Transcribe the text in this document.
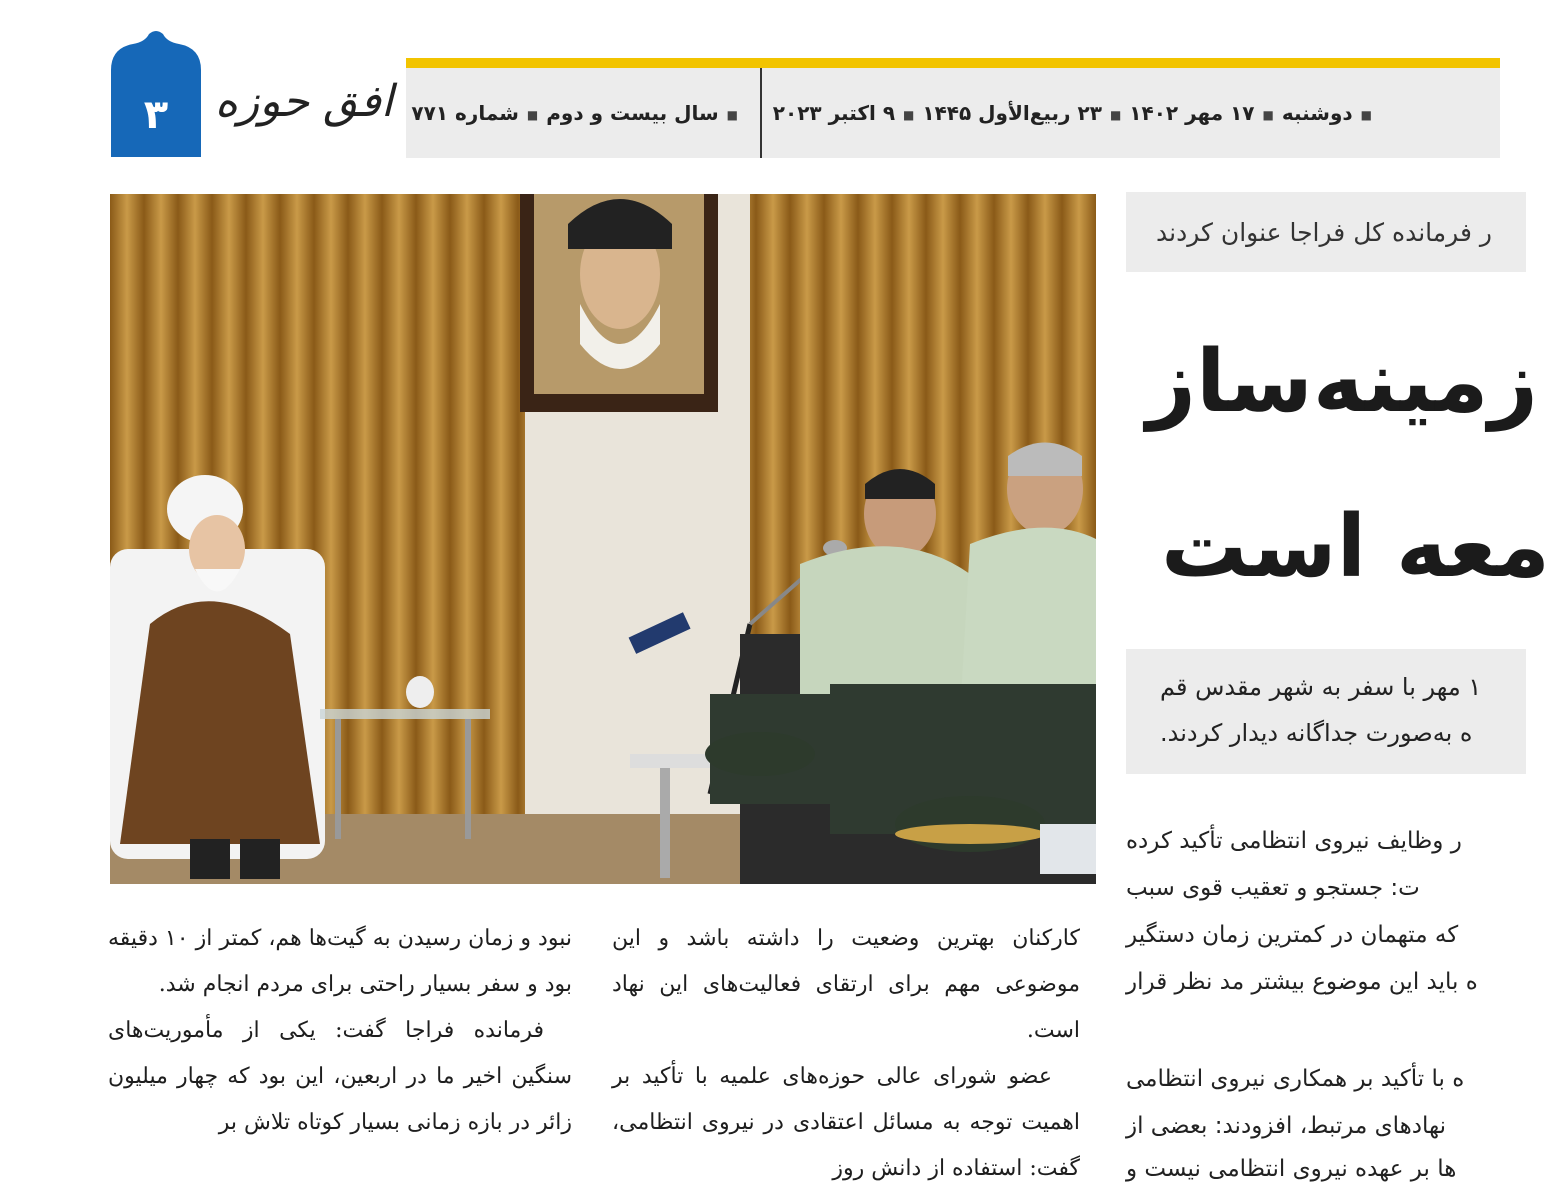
۳	افق حوزه	■سال بیست و دوم■شماره ۷۷۱	■دوشنبه■۱۷ مهر ۱۴۰۲■۲۳ ربیع‌الأول ۱۴۴۵■۹ اکتبر ۲۰۲۳
ر فرمانده کل فراجا عنوان کردند
زمینه‌ساز
معه است

۱ مهر با سفر به شهر مقدس قم

ه به‌صورت جداگانه دیدار کردند.

ر وظایف نیروی انتظامی تأکید کرده

ت: جستجو و تعقیب قوی سبب

که متهمان در کمترین زمان دستگیر

ه باید این موضوع بیشتر مد نظر قرار

ه با تأکید بر همکاری نیروی انتظامی

نهادهای مرتبط، افزودند: بعضی از

ها بر عهده نیروی انتظامی نیست و

کارکنان بهترین وضعیت را داشته باشد و این موضوعی مهم برای ارتقای فعالیت‌های این نهاد است.

عضو شورای عالی حوزه‌های علمیه با تأکید بر اهمیت توجه به مسائل اعتقادی در نیروی انتظامی، گفت: استفاده از دانش روز

نبود و زمان رسیدن به گیت‌ها هم، کمتر از ۱۰ دقیقه بود و سفر بسیار راحتی برای مردم انجام شد.

فرمانده فراجا گفت: یکی از مأموریت‌های سنگین اخیر ما در اربعین، این بود که چهار میلیون زائر در بازه زمانی بسیار کوتاه تلاش بر
